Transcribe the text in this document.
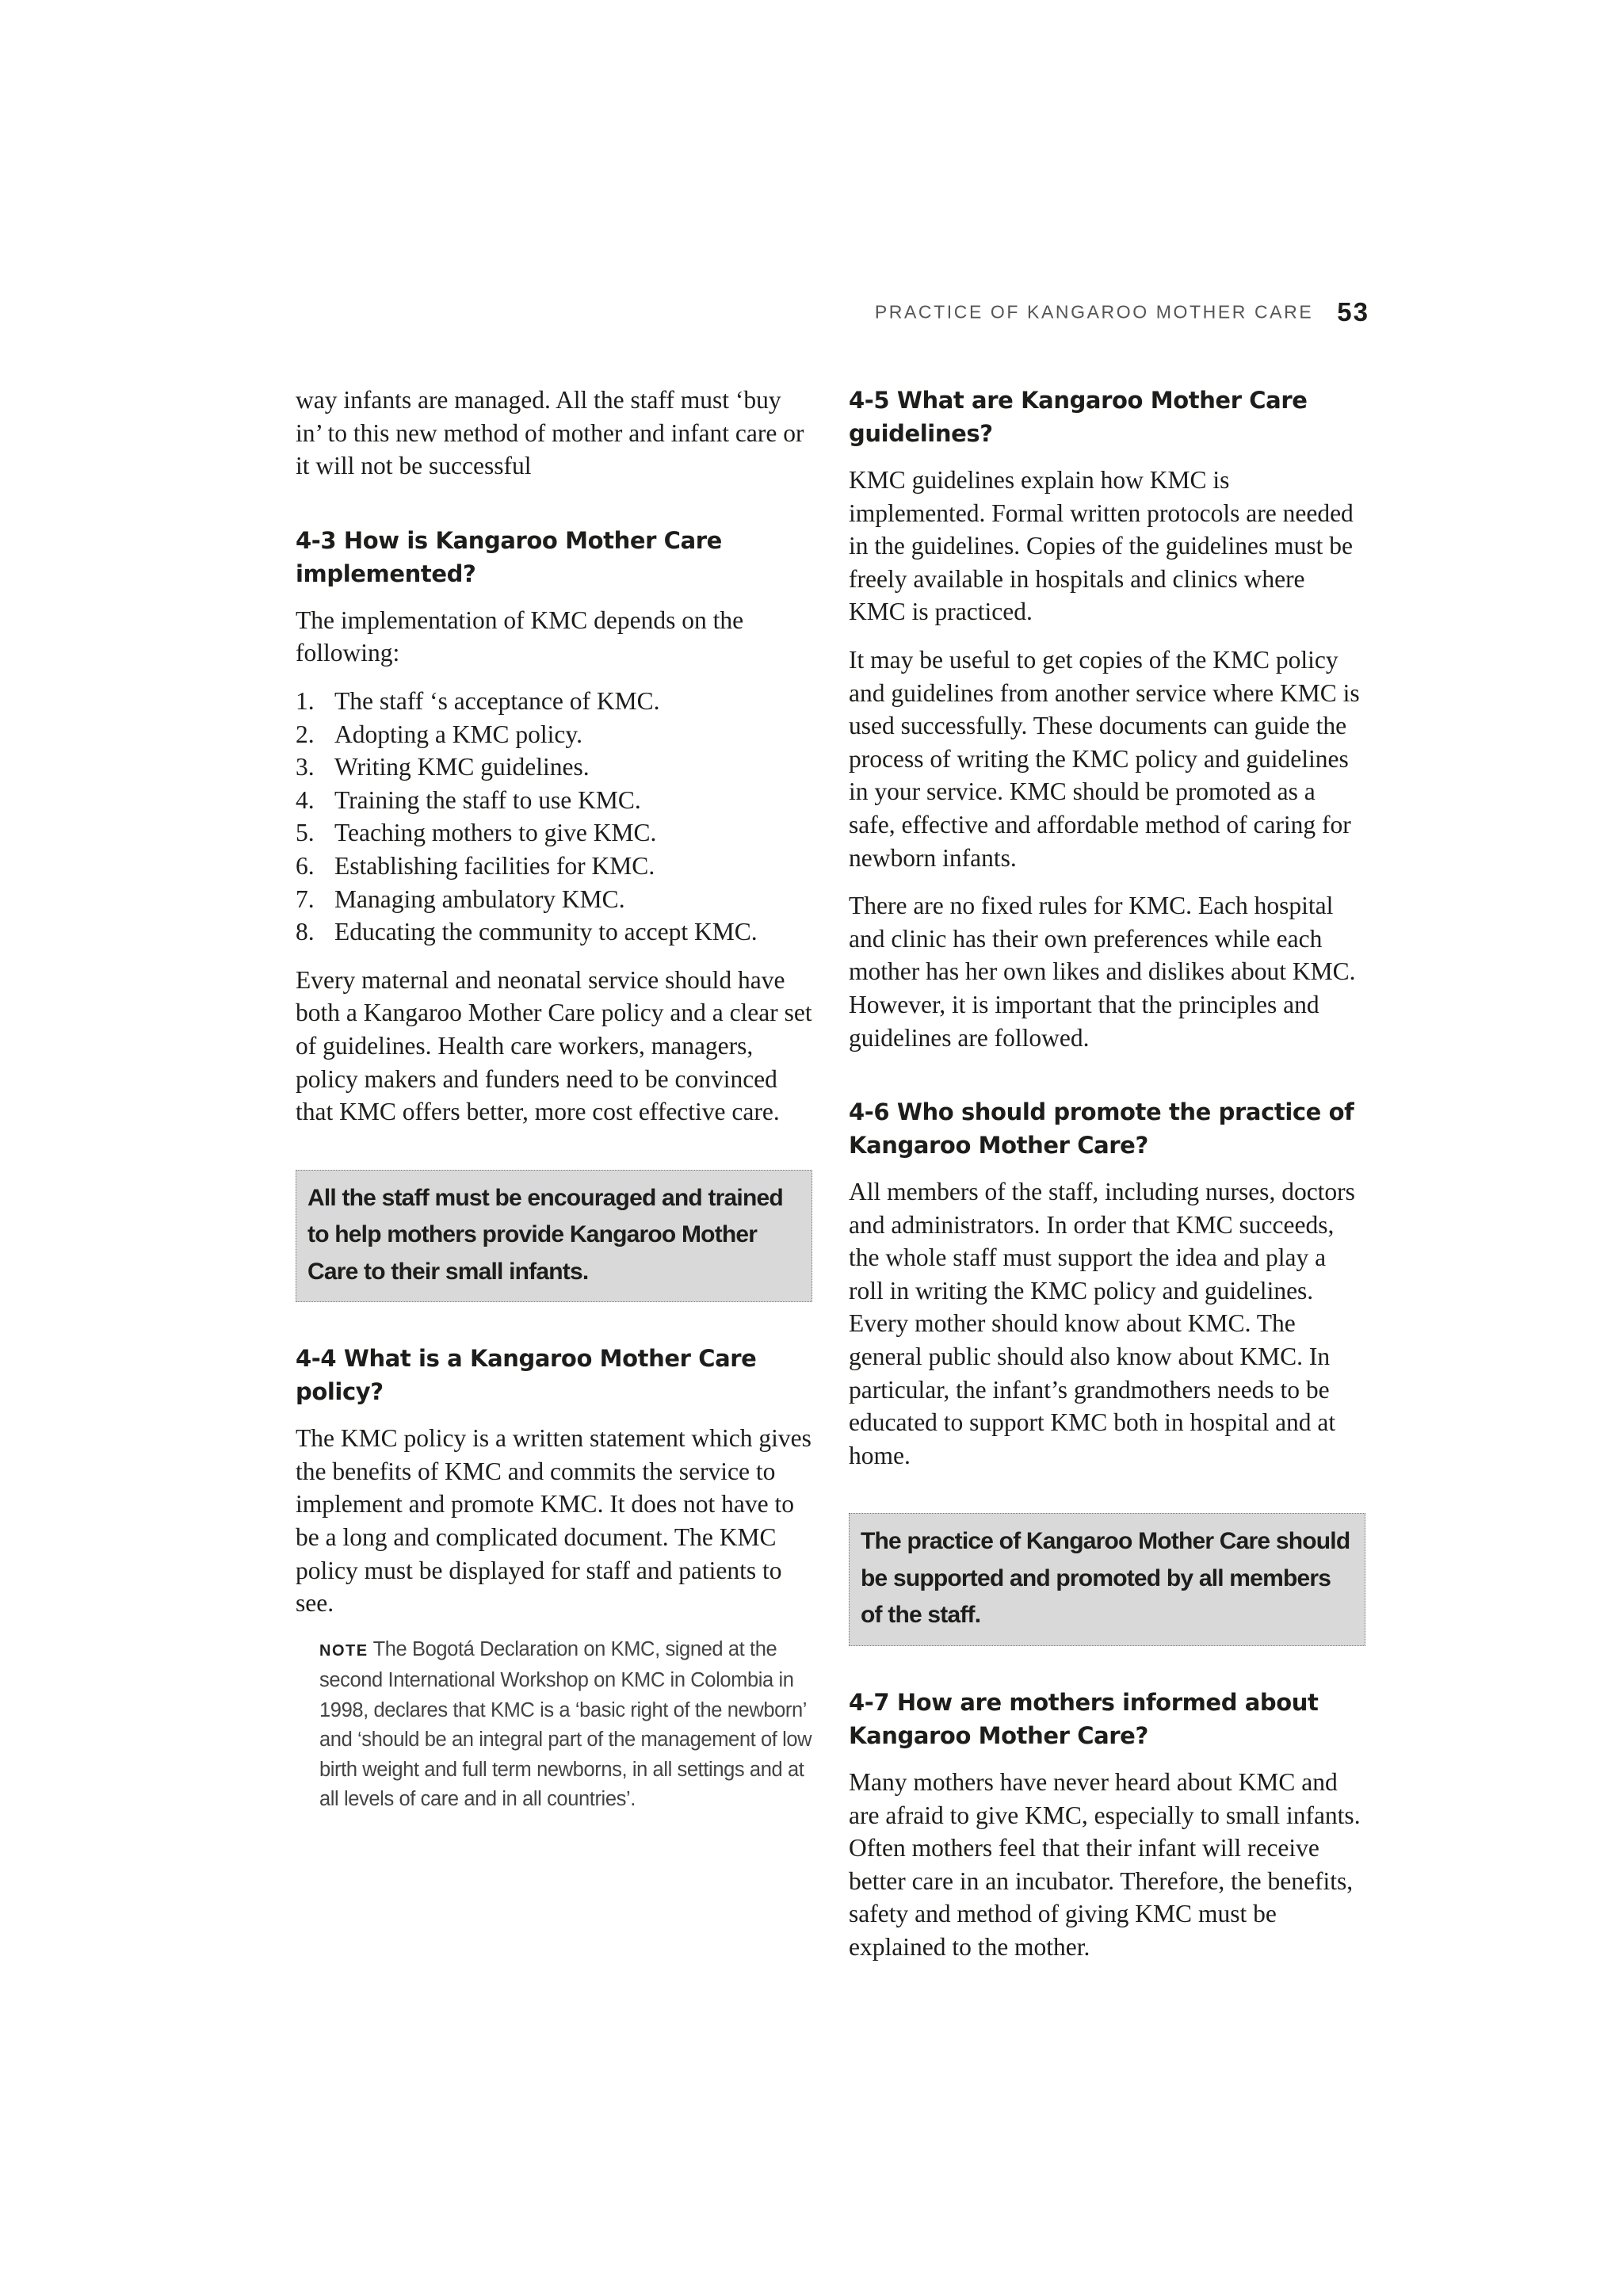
PRACTICE OF KANGAROO MOTHER CARE 53

way infants are managed. All the staff must ‘buy in’ to this new method of mother and infant care or it will not be successful

4-3 How is Kangaroo Mother Care implemented?

The implementation of KMC depends on the following:

1. The staff ‘s acceptance of KMC.
2. Adopting a KMC policy.
3. Writing KMC guidelines.
4. Training the staff to use KMC.
5. Teaching mothers to give KMC.
6. Establishing facilities for KMC.
7. Managing ambulatory KMC.
8. Educating the community to accept KMC.

Every maternal and neonatal service should have both a Kangaroo Mother Care policy and a clear set of guidelines. Health care workers, managers, policy makers and funders need to be convinced that KMC offers better, more cost effective care.

All the staff must be encouraged and trained to help mothers provide Kangaroo Mother Care to their small infants.

4-4 What is a Kangaroo Mother Care policy?

The KMC policy is a written statement which gives the benefits of KMC and commits the service to implement and promote KMC. It does not have to be a long and complicated document. The KMC policy must be displayed for staff and patients to see.

NOTE The Bogotá Declaration on KMC, signed at the second International Workshop on KMC in Colombia in 1998, declares that KMC is a ‘basic right of the newborn’ and ‘should be an integral part of the management of low birth weight and full term newborns, in all settings and at all levels of care and in all countries’.

4-5 What are Kangaroo Mother Care guidelines?

KMC guidelines explain how KMC is implemented. Formal written protocols are needed in the guidelines. Copies of the guidelines must be freely available in hospitals and clinics where KMC is practiced.

It may be useful to get copies of the KMC policy and guidelines from another service where KMC is used successfully. These documents can guide the process of writing the KMC policy and guidelines in your service. KMC should be promoted as a safe, effective and affordable method of caring for newborn infants.

There are no fixed rules for KMC. Each hospital and clinic has their own preferences while each mother has her own likes and dislikes about KMC. However, it is important that the principles and guidelines are followed.

4-6 Who should promote the practice of Kangaroo Mother Care?

All members of the staff, including nurses, doctors and administrators. In order that KMC succeeds, the whole staff must support the idea and play a roll in writing the KMC policy and guidelines. Every mother should know about KMC. The general public should also know about KMC. In particular, the infant’s grandmothers needs to be educated to support KMC both in hospital and at home.

The practice of Kangaroo Mother Care should be supported and promoted by all members of the staff.

4-7 How are mothers informed about Kangaroo Mother Care?

Many mothers have never heard about KMC and are afraid to give KMC, especially to small infants. Often mothers feel that their infant will receive better care in an incubator. Therefore, the benefits, safety and method of giving KMC must be explained to the mother.
